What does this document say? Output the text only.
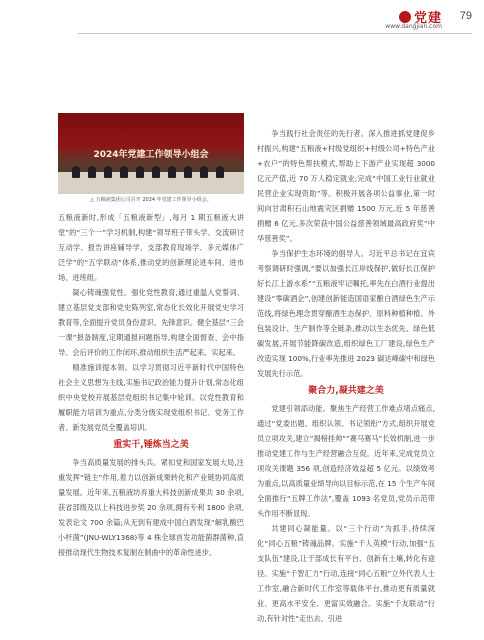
党建
www.dangjian.com
79
2024年党建工作领导小组会
△ 五粮液集团公司召开 2024 年党建工作领导小组会。

五粮液新时,形成「五粮液新型」,每月 1 期五粮液大讲堂”的“三个一”学习机制,构建“领导班子带头学、交流研讨互动学、报告讲座辅导学、支部教育现场学、多元媒体广泛学”的“五学联动”体系,推动党的创新理论进车间、进市场、进班组。

凝心铸魂强党性。强化党性教育,通过重温入党誓词、建立基层党支部和党史陈列室,常态化长效化开展党史学习教育等,全面提升党员身份意识、先锋意识。健全基层“三会一课”报备制度,定期通报问题指导,构建全面督查、会中指导、会后评价的工作闭环,推动组织生活严起来、实起来。

精准施训提本领。以学习贯彻习近平新时代中国特色社会主义思想为主线,实施书记政治能力提升计划,常态化组织中央党校开展基层党组织书记集中轮训。以党性教育和履职能力培训为重点,分类分级实现党组织书记、党务工作者、新发展党员全覆盖培训。

重实干,锤炼当之美

争当高质量发展的排头兵。紧扣党和国家发展大局,注重发挥“链主”作用,着力以创新成果转化和产业链协同高质量发展。近年来,五粮液坊弃重大科技创新成果共 30 余项,获省部级及以上科技进步奖 20 余项,拥有专利 1800 余项,发表论文 700 余篇;从无到有建成中国白酒发现“解乳酸巴小杆菌”(JNU-WLY1368)等 4 株全球首发功能菌群菌种,直接推动现代生物技术复制在制曲中的革命性进步。

争当践行社会责任的先行者。深入推进抓党建促乡村振兴,构建“五粮液+村级党组织+村级公司+特色产业+农户”的特色帮扶模式,帮助上下游产业实现超 3000 亿元产值,近 70 万人稳定就业;完成“中国工业行业就业民营企业实现资助”等。积极开展各项公益事业,第一时间向甘肃积石山地震灾区捐赠 1500 万元,近 5 年慈善捐赠 6 亿元,多次荣获中国公益慈善领域最高政府奖“中华慈善奖”。

争当保护生态环境的倡导人。习近平总书记在宜宾考察调研时强调,“要以加强长江岸线保护,做好长江保护好长江上游水系”“五粮液牢记嘱托,率先在白酒行业提出建设“零碳酒企”,创建创新能造国语家酿白酒绿色生产示范线,将绿色理念贯穿酿酒生态保护、原料种植种植、外包装设计、生产制作等全链条,推动以生态优先、绿色低碳发展,开展节能降碳改造,组织绿色工厂建设,绿色生产改造实现 100%,行业率先推进 2023 碳达峰碳中和绿色发展先行示范。

聚合力,凝共建之美

党建引领添动能。聚焦生产经营工作难点堵点痛点,通过“党委出题、组织认领、书记领衔”方式,组织开展党员立项攻关,建立“揭榜挂帅”“赛马赛马”长效机制,进一步推动党建工作与生产经营融合互促。近年来,完成党员立项攻关课题 356 项,创造经济效益超 5 亿元。以绩效考为重点,以高质量业绩导向以目标示范,在 15 个生产车间全面推行“五牌工作法”,覆盖 1093 名党员,党员示范带头作用不断显现。

共建同心凝能量。以“三个行动”为抓手,持续深化“同心五粮”铸魂品牌。实施“千人英模”行动,加强“五支队伍”建设,让干部成长有平台、创新有土壤,转化有途径。实施“千智汇力”行动,连接“同心五粮”立外代表人士工作室,融合新时代工作室等载体平台,推动更有质量就业、更高水平安全、更富实效融合。实施“千友联动”行动,有针对性“走出去、引进
